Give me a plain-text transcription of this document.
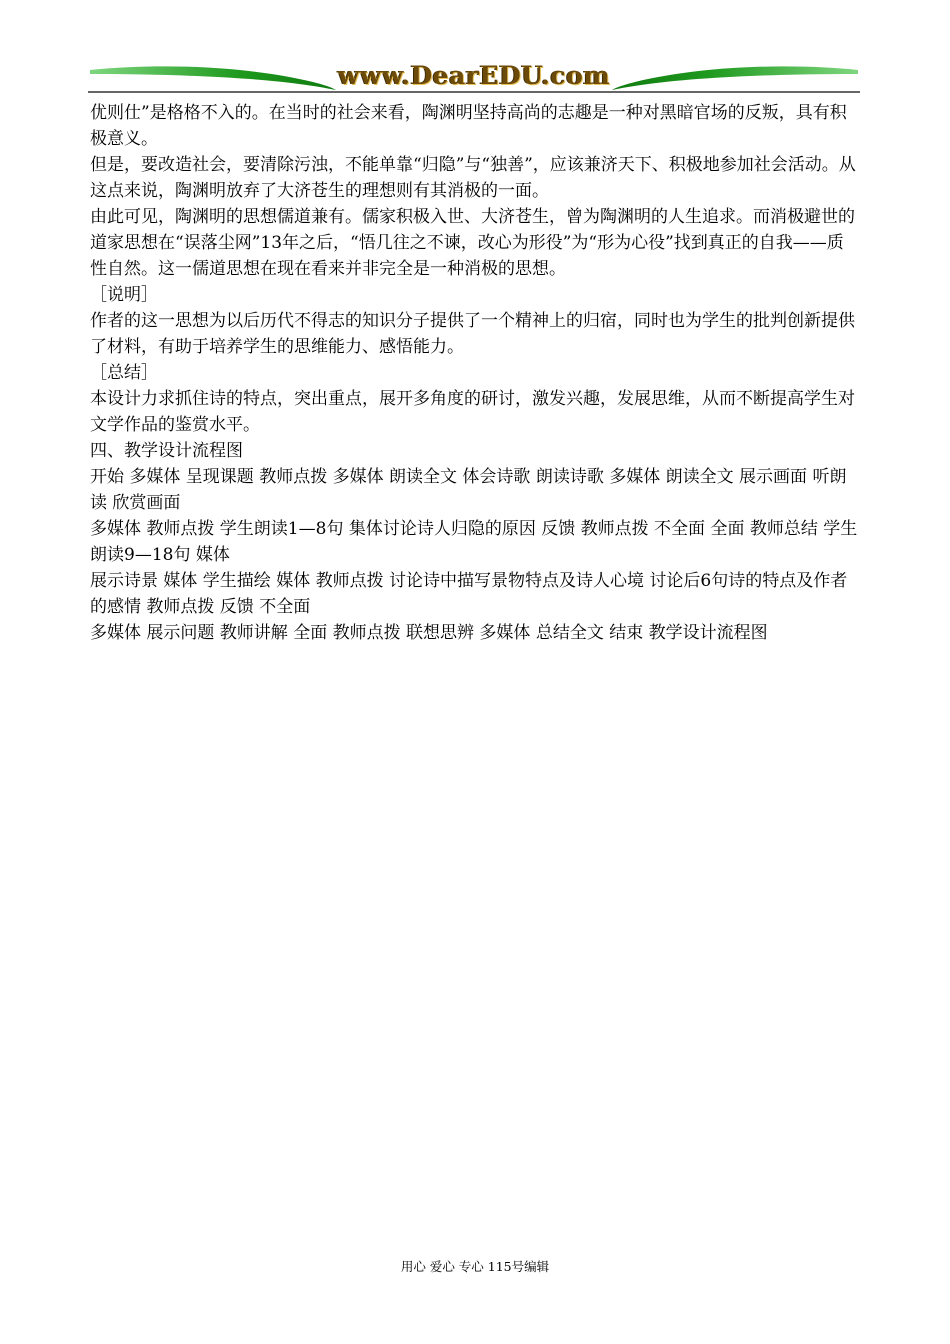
www.DearEDU.com

优则仕”是格格不入的。在当时的社会来看，陶渊明坚持高尚的志趣是一种对黑暗官场的反叛，具有积极意义。

但是，要改造社会，要清除污浊，不能单靠“归隐”与“独善”，应该兼济天下、积极地参加社会活动。从这点来说，陶渊明放弃了大济苍生的理想则有其消极的一面。

由此可见，陶渊明的思想儒道兼有。儒家积极入世、大济苍生，曾为陶渊明的人生追求。而消极避世的道家思想在“误落尘网”13年之后，“悟几往之不谏，改心为形役”为“形为心役”找到真正的自我——质性自然。这一儒道思想在现在看来并非完全是一种消极的思想。

［说明］

作者的这一思想为以后历代不得志的知识分子提供了一个精神上的归宿，同时也为学生的批判创新提供了材料，有助于培养学生的思维能力、感悟能力。

［总结］

本设计力求抓住诗的特点，突出重点，展开多角度的研讨，激发兴趣，发展思维，从而不断提高学生对文学作品的鉴赏水平。

四、教学设计流程图

开始 多媒体 呈现课题 教师点拨 多媒体 朗读全文 体会诗歌 朗读诗歌 多媒体 朗读全文 展示画面 听朗读 欣赏画面

多媒体 教师点拨 学生朗读1—8句 集体讨论诗人归隐的原因 反馈 教师点拨 不全面 全面 教师总结 学生朗读9—18句 媒体

展示诗景 媒体 学生描绘 媒体 教师点拨 讨论诗中描写景物特点及诗人心境 讨论后6句诗的特点及作者的感情 教师点拨 反馈 不全面

多媒体 展示问题 教师讲解 全面 教师点拨 联想思辨 多媒体 总结全文 结束 教学设计流程图

用心 爱心 专心 115号编辑
